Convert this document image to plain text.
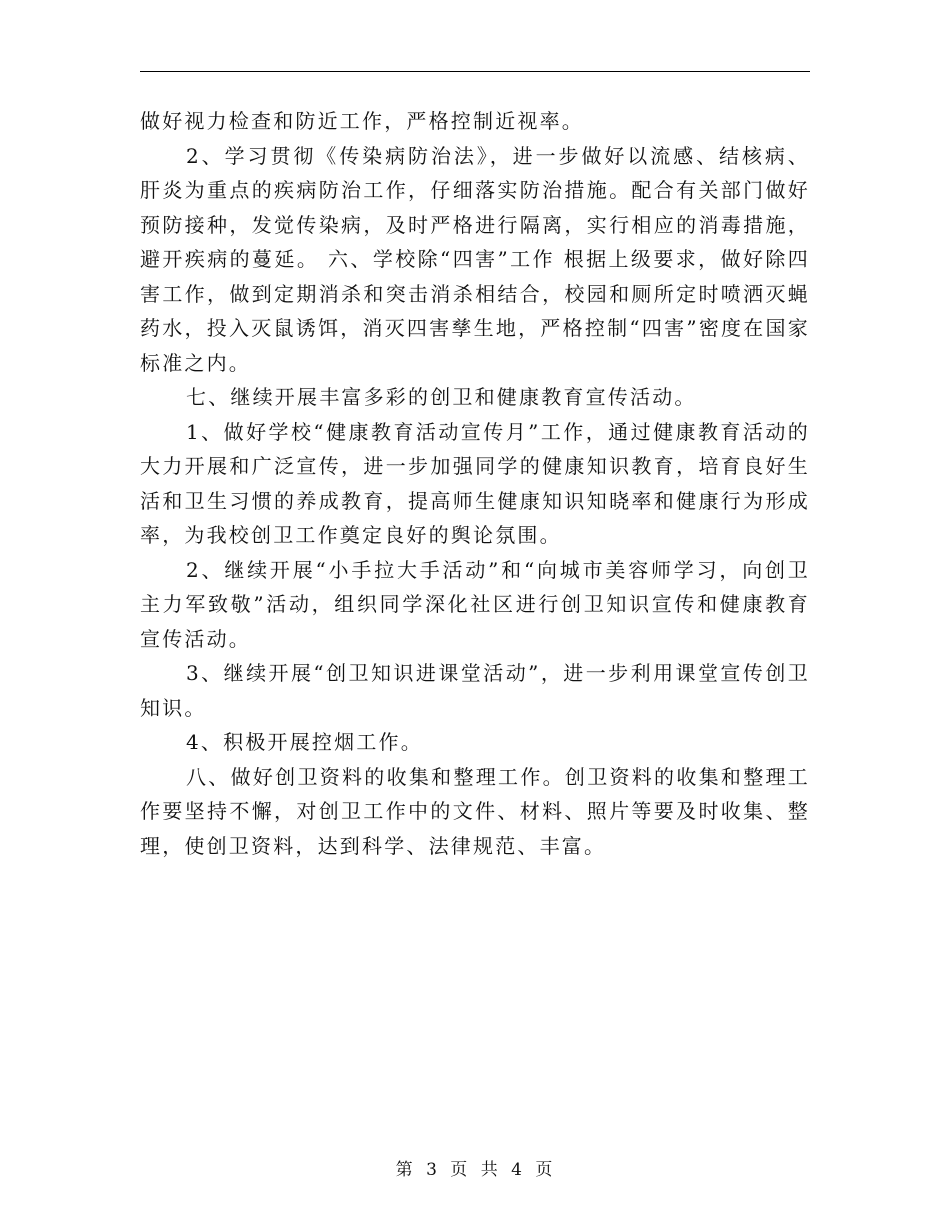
做好视力检查和防近工作，严格控制近视率。

2、学习贯彻《传染病防治法》，进一步做好以流感、结核病、肝炎为重点的疾病防治工作，仔细落实防治措施。配合有关部门做好预防接种，发觉传染病，及时严格进行隔离，实行相应的消毒措施，避开疾病的蔓延。 六、学校除“四害”工作 根据上级要求，做好除四害工作，做到定期消杀和突击消杀相结合，校园和厕所定时喷洒灭蝇药水，投入灭鼠诱饵，消灭四害孳生地，严格控制“四害”密度在国家标准之内。

七、继续开展丰富多彩的创卫和健康教育宣传活动。

1、做好学校“健康教育活动宣传月”工作，通过健康教育活动的大力开展和广泛宣传，进一步加强同学的健康知识教育，培育良好生活和卫生习惯的养成教育，提高师生健康知识知晓率和健康行为形成率，为我校创卫工作奠定良好的舆论氛围。

2、继续开展“小手拉大手活动”和“向城市美容师学习，向创卫主力军致敬”活动，组织同学深化社区进行创卫知识宣传和健康教育宣传活动。

3、继续开展“创卫知识进课堂活动”，进一步利用课堂宣传创卫知识。

4、积极开展控烟工作。

八、做好创卫资料的收集和整理工作。创卫资料的收集和整理工作要坚持不懈，对创卫工作中的文件、材料、照片等要及时收集、整理，使创卫资料，达到科学、法律规范、丰富。

第 3 页 共 4 页
